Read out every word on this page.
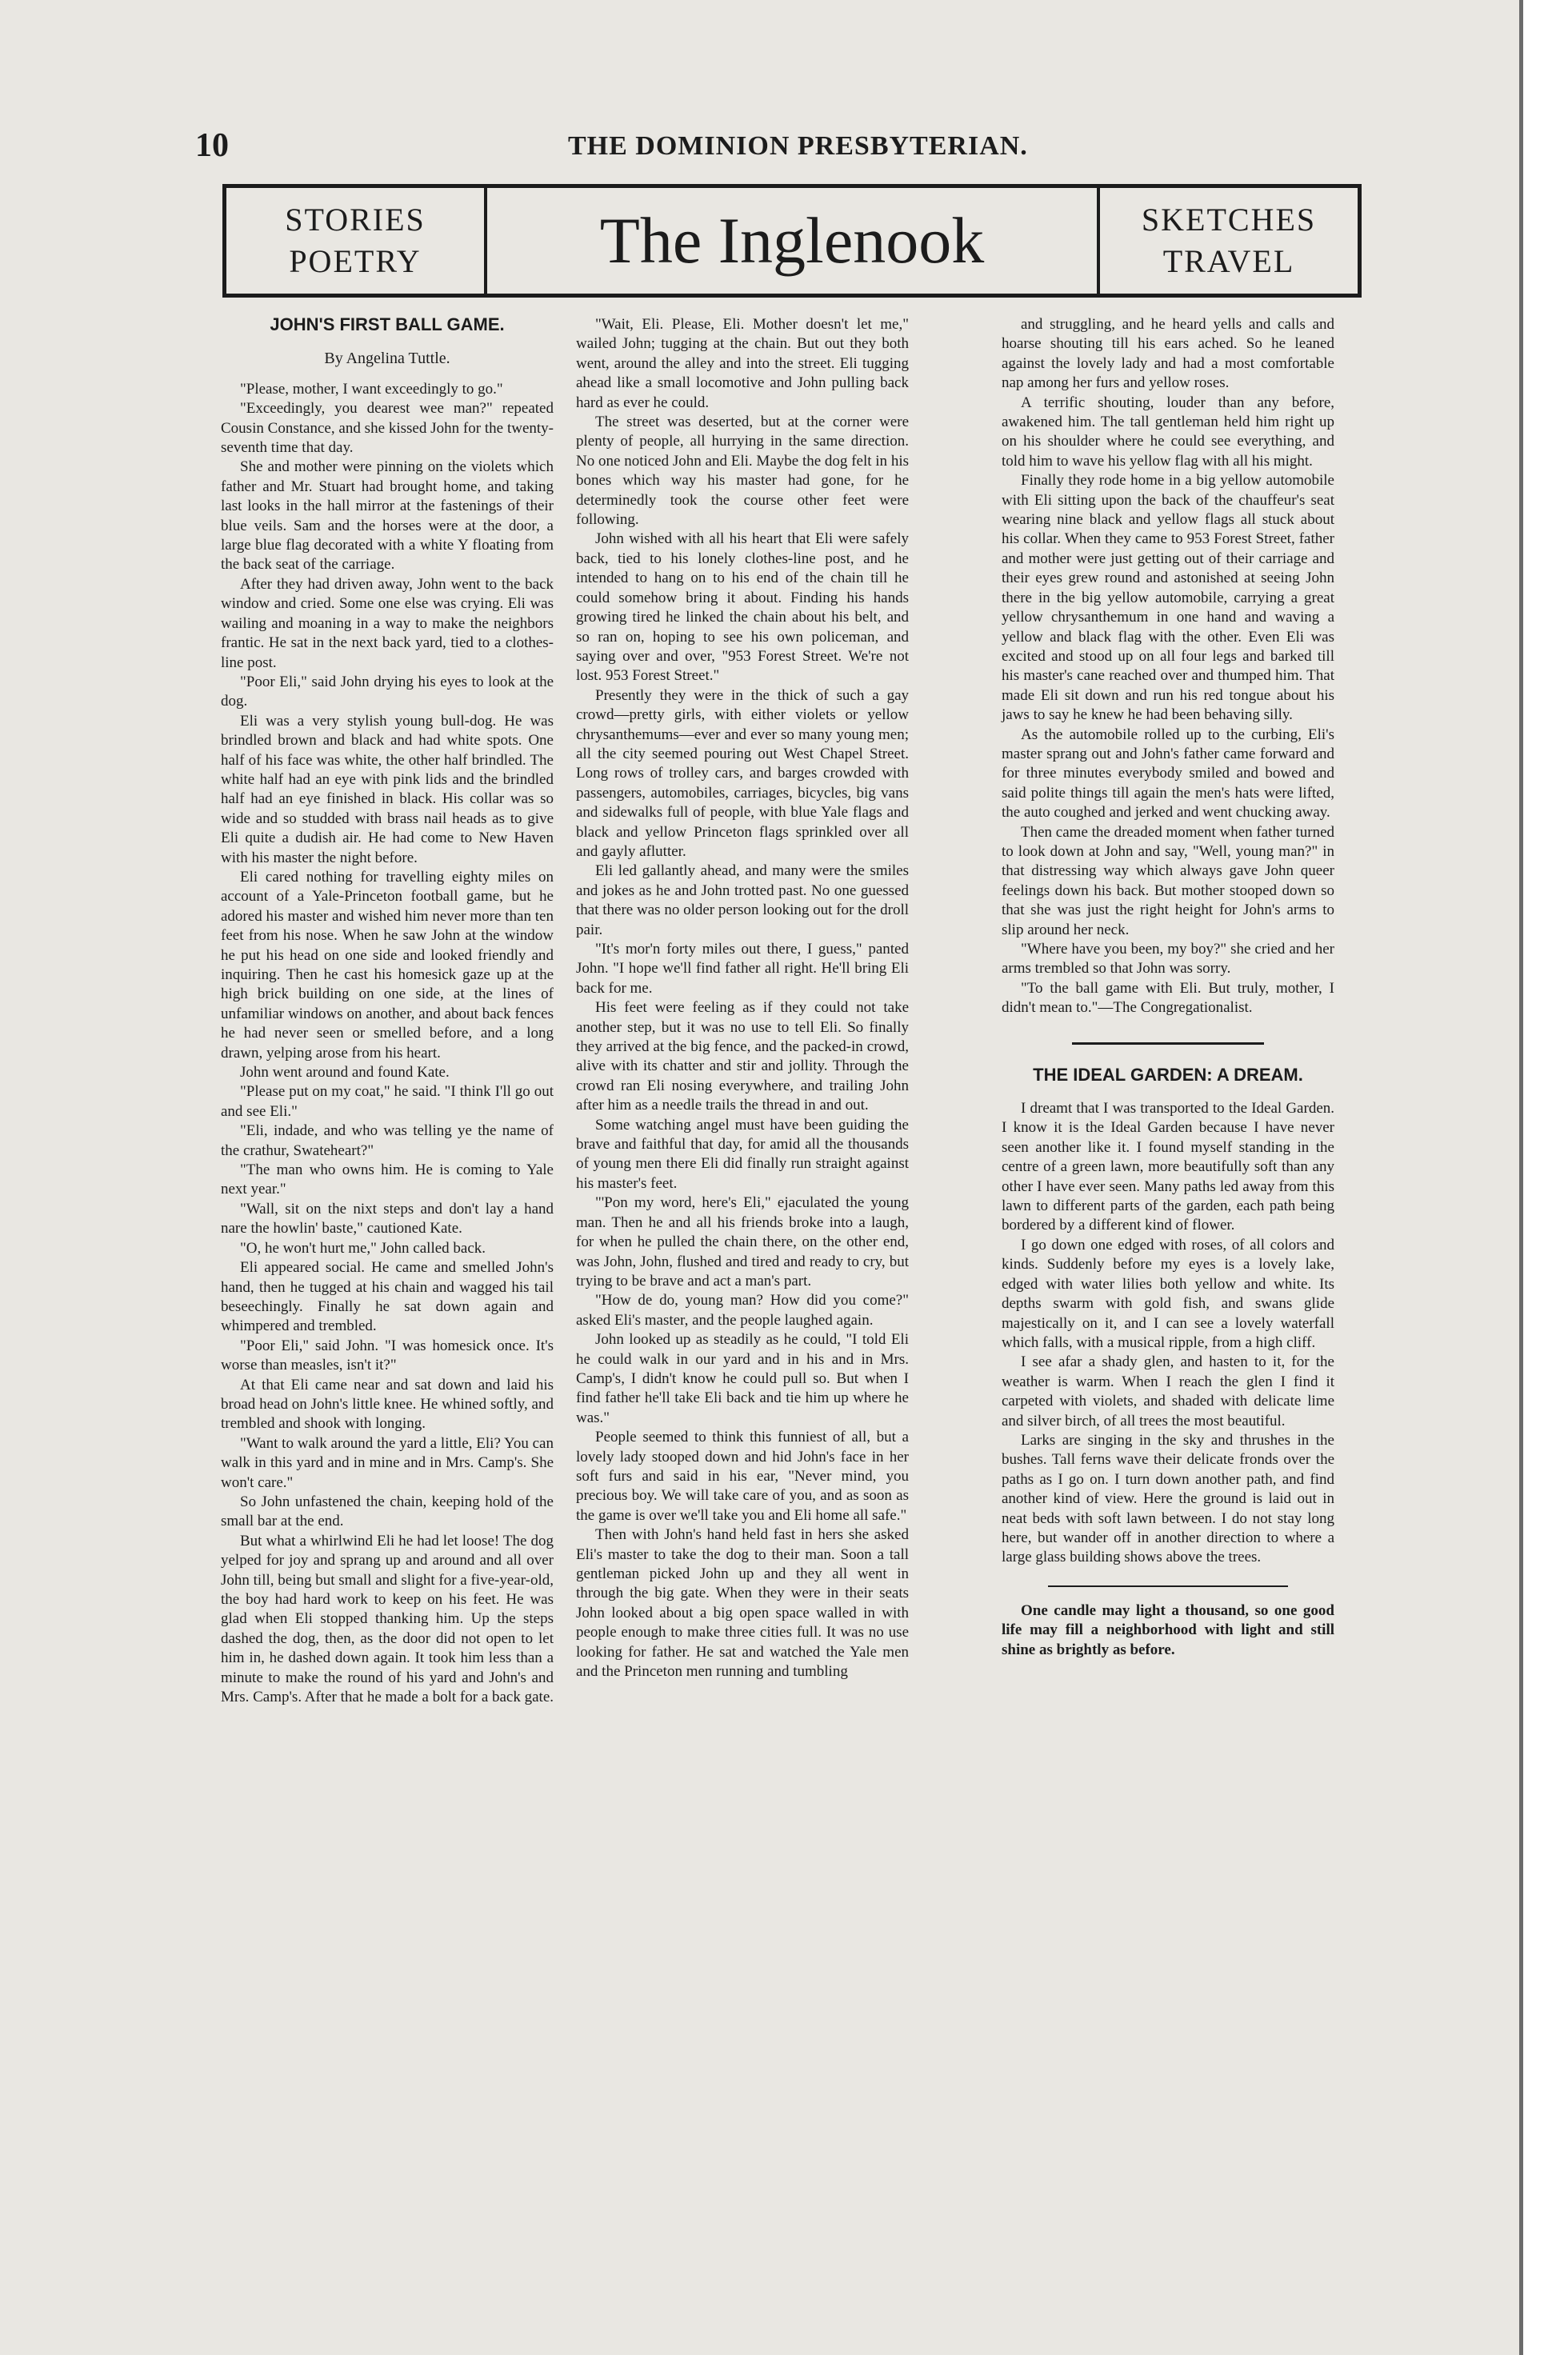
10	THE DOMINION PRESBYTERIAN.
STORIES
POETRY	The Inglenook	SKETCHES
TRAVEL
JOHN'S FIRST BALL GAME.
By Angelina Tuttle.

"Please, mother, I want exceedingly to go."

"Exceedingly, you dearest wee man?" repeated Cousin Constance, and she kissed John for the twenty-seventh time that day.

She and mother were pinning on the violets which father and Mr. Stuart had brought home, and taking last looks in the hall mirror at the fastenings of their blue veils. Sam and the horses were at the door, a large blue flag decorated with a white Y floating from the back seat of the carriage.

After they had driven away, John went to the back window and cried. Some one else was crying. Eli was wailing and moaning in a way to make the neighbors frantic. He sat in the next back yard, tied to a clothes-line post.

"Poor Eli," said John drying his eyes to look at the dog.

Eli was a very stylish young bull-dog. He was brindled brown and black and had white spots. One half of his face was white, the other half brindled. The white half had an eye with pink lids and the brindled half had an eye finished in black. His collar was so wide and so studded with brass nail heads as to give Eli quite a dudish air. He had come to New Haven with his master the night before.

Eli cared nothing for travelling eighty miles on account of a Yale-Princeton football game, but he adored his master and wished him never more than ten feet from his nose. When he saw John at the window he put his head on one side and looked friendly and inquiring. Then he cast his homesick gaze up at the high brick building on one side, at the lines of unfamiliar windows on another, and about back fences he had never seen or smelled before, and a long drawn, yelping arose from his heart.

John went around and found Kate.

"Please put on my coat," he said. "I think I'll go out and see Eli."

"Eli, indade, and who was telling ye the name of the crathur, Swateheart?"

"The man who owns him. He is coming to Yale next year."

"Wall, sit on the nixt steps and don't lay a hand nare the howlin' baste," cautioned Kate.

"O, he won't hurt me," John called back.

Eli appeared social. He came and smelled John's hand, then he tugged at his chain and wagged his tail beseechingly. Finally he sat down again and whimpered and trembled.

"Poor Eli," said John. "I was homesick once. It's worse than measles, isn't it?"

At that Eli came near and sat down and laid his broad head on John's little knee. He whined softly, and trembled and shook with longing.

"Want to walk around the yard a little, Eli? You can walk in this yard and in mine and in Mrs. Camp's. She won't care."

So John unfastened the chain, keeping hold of the small bar at the end.

But what a whirlwind Eli he had let loose! The dog yelped for joy and sprang up and around and all over John till, being but small and slight for a five-year-old, the boy had hard work to keep on his feet. He was glad when Eli stopped thanking him. Up the steps dashed the dog, then, as the door did not open to let him in, he dashed down again. It took him less than a minute to make the round of his yard and John's and Mrs. Camp's. After that he made a bolt for a back gate.

"Wait, Eli. Please, Eli. Mother doesn't let me," wailed John; tugging at the chain. But out they both went, around the alley and into the street. Eli tugging ahead like a small locomotive and John pulling back hard as ever he could.

The street was deserted, but at the corner were plenty of people, all hurrying in the same direction. No one noticed John and Eli. Maybe the dog felt in his bones which way his master had gone, for he determinedly took the course other feet were following.

John wished with all his heart that Eli were safely back, tied to his lonely clothes-line post, and he intended to hang on to his end of the chain till he could somehow bring it about. Finding his hands growing tired he linked the chain about his belt, and so ran on, hoping to see his own policeman, and saying over and over, "953 Forest Street. We're not lost. 953 Forest Street."

Presently they were in the thick of such a gay crowd—pretty girls, with either violets or yellow chrysanthemums—ever and ever so many young men; all the city seemed pouring out West Chapel Street. Long rows of trolley cars, and barges crowded with passengers, automobiles, carriages, bicycles, big vans and sidewalks full of people, with blue Yale flags and black and yellow Princeton flags sprinkled over all and gayly aflutter.

Eli led gallantly ahead, and many were the smiles and jokes as he and John trotted past. No one guessed that there was no older person looking out for the droll pair.

"It's mor'n forty miles out there, I guess," panted John. "I hope we'll find father all right. He'll bring Eli back for me.

His feet were feeling as if they could not take another step, but it was no use to tell Eli. So finally they arrived at the big fence, and the packed-in crowd, alive with its chatter and stir and jollity. Through the crowd ran Eli nosing everywhere, and trailing John after him as a needle trails the thread in and out.

Some watching angel must have been guiding the brave and faithful that day, for amid all the thousands of young men there Eli did finally run straight against his master's feet.

"'Pon my word, here's Eli," ejaculated the young man. Then he and all his friends broke into a laugh, for when he pulled the chain there, on the other end, was John, John, flushed and tired and ready to cry, but trying to be brave and act a man's part.

"How de do, young man? How did you come?" asked Eli's master, and the people laughed again.

John looked up as steadily as he could, "I told Eli he could walk in our yard and in his and in Mrs. Camp's, I didn't know he could pull so. But when I find father he'll take Eli back and tie him up where he was."

People seemed to think this funniest of all, but a lovely lady stooped down and hid John's face in her soft furs and said in his ear, "Never mind, you precious boy. We will take care of you, and as soon as the game is over we'll take you and Eli home all safe."

Then with John's hand held fast in hers she asked Eli's master to take the dog to their man. Soon a tall gentleman picked John up and they all went in through the big gate. When they were in their seats John looked about a big open space walled in with people enough to make three cities full. It was no use looking for father. He sat and watched the Yale men and the Princeton men running and tumbling

and struggling, and he heard yells and calls and hoarse shouting till his ears ached. So he leaned against the lovely lady and had a most comfortable nap among her furs and yellow roses.

A terrific shouting, louder than any before, awakened him. The tall gentleman held him right up on his shoulder where he could see everything, and told him to wave his yellow flag with all his might.

Finally they rode home in a big yellow automobile with Eli sitting upon the back of the chauffeur's seat wearing nine black and yellow flags all stuck about his collar. When they came to 953 Forest Street, father and mother were just getting out of their carriage and their eyes grew round and astonished at seeing John there in the big yellow automobile, carrying a great yellow chrysanthemum in one hand and waving a yellow and black flag with the other. Even Eli was excited and stood up on all four legs and barked till his master's cane reached over and thumped him. That made Eli sit down and run his red tongue about his jaws to say he knew he had been behaving silly.

As the automobile rolled up to the curbing, Eli's master sprang out and John's father came forward and for three minutes everybody smiled and bowed and said polite things till again the men's hats were lifted, the auto coughed and jerked and went chucking away.

Then came the dreaded moment when father turned to look down at John and say, "Well, young man?" in that distressing way which always gave John queer feelings down his back. But mother stooped down so that she was just the right height for John's arms to slip around her neck.

"Where have you been, my boy?" she cried and her arms trembled so that John was sorry.

"To the ball game with Eli. But truly, mother, I didn't mean to."—The Congregationalist.

THE IDEAL GARDEN: A DREAM.

I dreamt that I was transported to the Ideal Garden. I know it is the Ideal Garden because I have never seen another like it. I found myself standing in the centre of a green lawn, more beautifully soft than any other I have ever seen. Many paths led away from this lawn to different parts of the garden, each path being bordered by a different kind of flower.

I go down one edged with roses, of all colors and kinds. Suddenly before my eyes is a lovely lake, edged with water lilies both yellow and white. Its depths swarm with gold fish, and swans glide majestically on it, and I can see a lovely waterfall which falls, with a musical ripple, from a high cliff.

I see afar a shady glen, and hasten to it, for the weather is warm. When I reach the glen I find it carpeted with violets, and shaded with delicate lime and silver birch, of all trees the most beautiful.

Larks are singing in the sky and thrushes in the bushes. Tall ferns wave their delicate fronds over the paths as I go on. I turn down another path, and find another kind of view. Here the ground is laid out in neat beds with soft lawn between. I do not stay long here, but wander off in another direction to where a large glass building shows above the trees.

One candle may light a thousand, so one good life may fill a neighborhood with light and still shine as brightly as before.
